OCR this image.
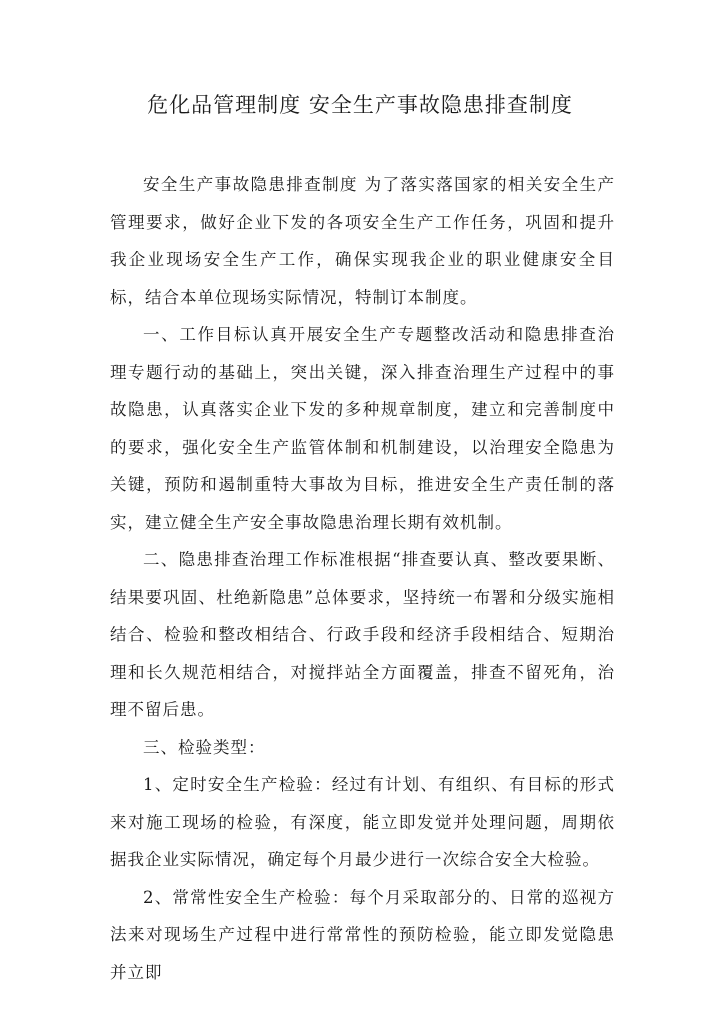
危化品管理制度 安全生产事故隐患排查制度

安全生产事故隐患排查制度 为了落实落国家的相关安全生产管理要求，做好企业下发的各项安全生产工作任务，巩固和提升我企业现场安全生产工作，确保实现我企业的职业健康安全目标，结合本单位现场实际情况，特制订本制度。

一、工作目标认真开展安全生产专题整改活动和隐患排查治理专题行动的基础上，突出关键，深入排查治理生产过程中的事故隐患，认真落实企业下发的多种规章制度，建立和完善制度中的要求，强化安全生产监管体制和机制建设，以治理安全隐患为关键，预防和遏制重特大事故为目标，推进安全生产责任制的落实，建立健全生产安全事故隐患治理长期有效机制。

二、隐患排查治理工作标准根据“排查要认真、整改要果断、结果要巩固、杜绝新隐患”总体要求，坚持统一布署和分级实施相结合、检验和整改相结合、行政手段和经济手段相结合、短期治理和长久规范相结合，对搅拌站全方面覆盖，排查不留死角，治理不留后患。

三、检验类型：

1、定时安全生产检验：经过有计划、有组织、有目标的形式来对施工现场的检验，有深度，能立即发觉并处理问题，周期依据我企业实际情况，确定每个月最少进行一次综合安全大检验。

2、常常性安全生产检验：每个月采取部分的、日常的巡视方法来对现场生产过程中进行常常性的预防检验，能立即发觉隐患并立即
